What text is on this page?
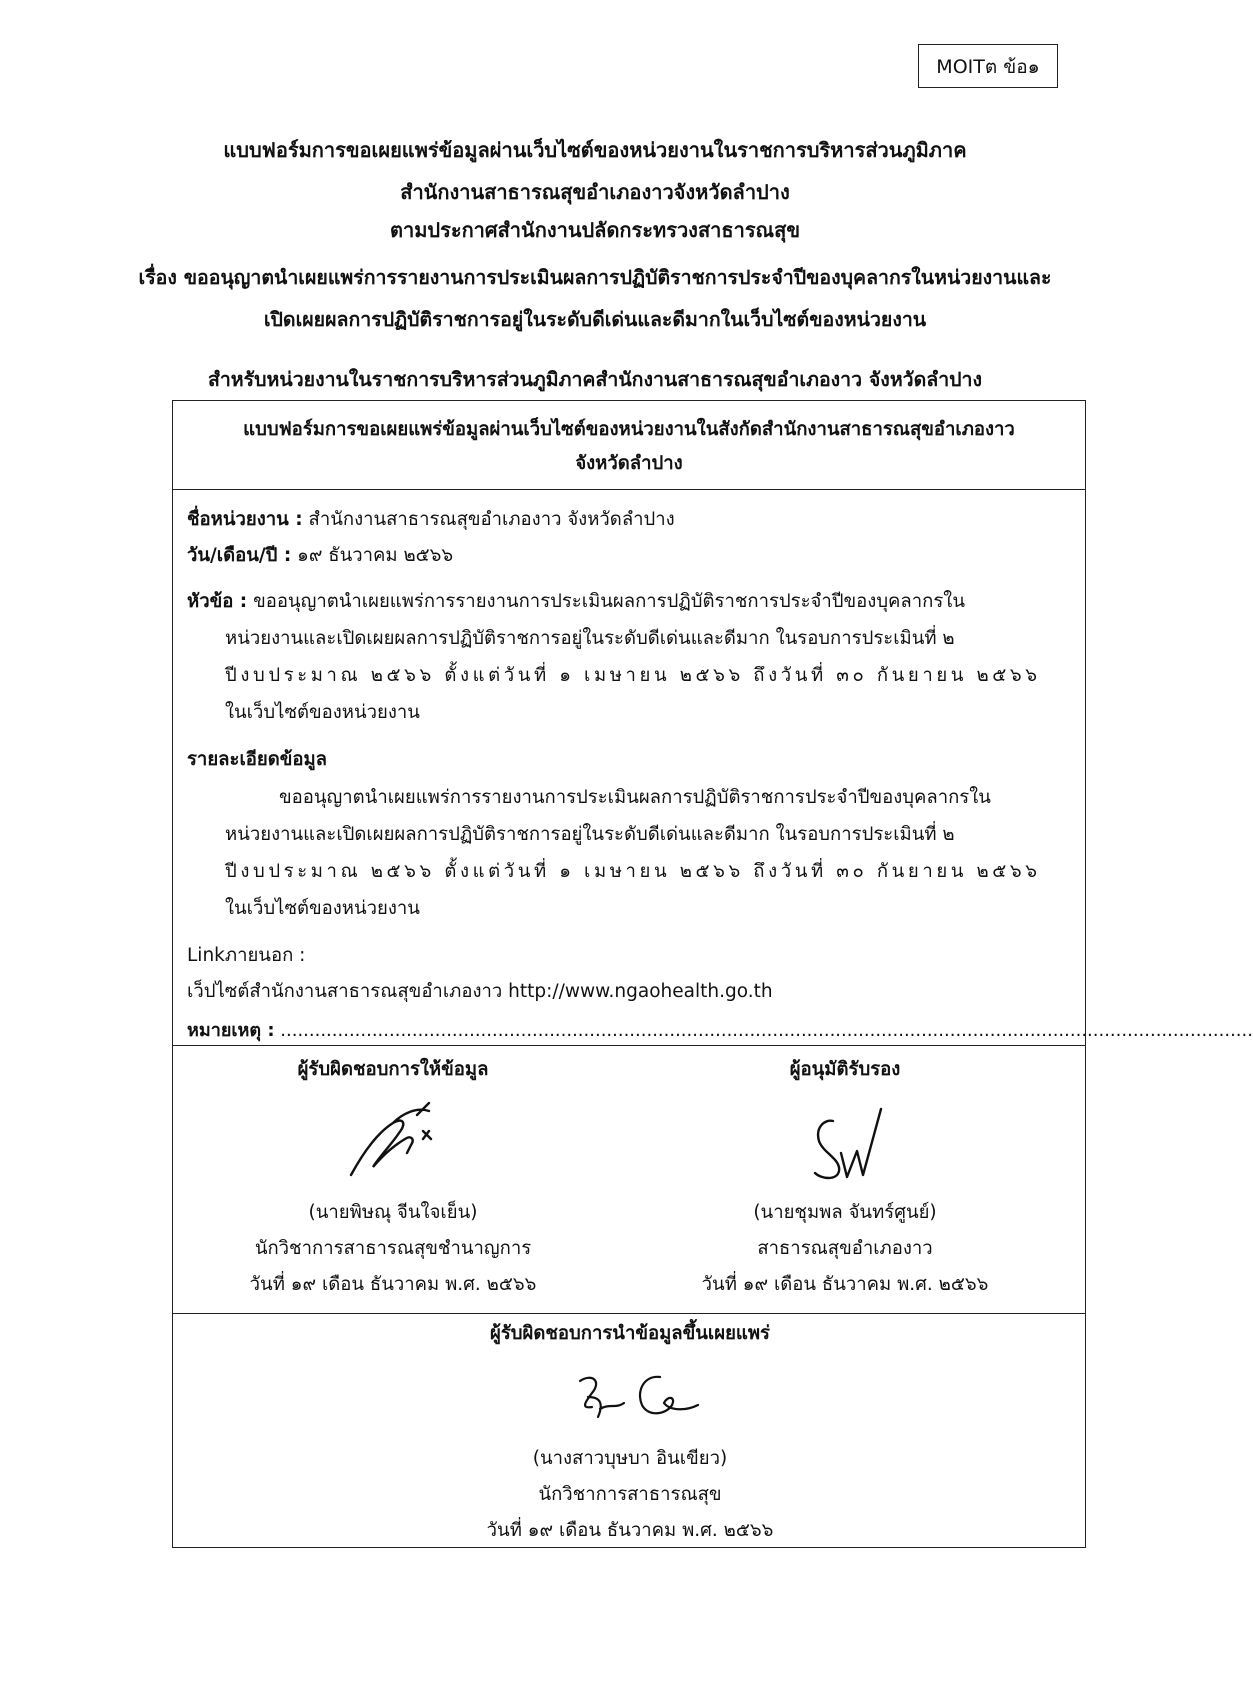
MOITต ข้อ๑
แบบฟอร์มการขอเผยแพร่ข้อมูลผ่านเว็บไซต์ของหน่วยงานในราชการบริหารส่วนภูมิภาค
สำนักงานสาธารณสุขอำเภองาวจังหวัดลำปาง
ตามประกาศสำนักงานปลัดกระทรวงสาธารณสุข
เรื่อง ขออนุญาตนำเผยแพร่การรายงานการประเมินผลการปฏิบัติราชการประจำปีของบุคลากรในหน่วยงานและ
เปิดเผยผลการปฏิบัติราชการอยู่ในระดับดีเด่นและดีมากในเว็บไซต์ของหน่วยงาน
สำหรับหน่วยงานในราชการบริหารส่วนภูมิภาคสำนักงานสาธารณสุขอำเภองาว จังหวัดลำปาง
แบบฟอร์มการขอเผยแพร่ข้อมูลผ่านเว็บไซต์ของหน่วยงานในสังกัดสำนักงานสาธารณสุขอำเภองาว
จังหวัดลำปาง
ชื่อหน่วยงาน : สำนักงานสาธารณสุขอำเภองาว จังหวัดลำปาง
วัน/เดือน/ปี : ๑๙ ธันวาคม ๒๕๖๖
หัวข้อ : ขออนุญาตนำเผยแพร่การรายงานการประเมินผลการปฏิบัติราชการประจำปีของบุคลากรใน
หน่วยงานและเปิดเผยผลการปฏิบัติราชการอยู่ในระดับดีเด่นและดีมาก ในรอบการประเมินที่ ๒
ปีงบประมาณ ๒๕๖๖ ตั้งแต่วันที่ ๑ เมษายน ๒๕๖๖ ถึงวันที่ ๓๐ กันยายน ๒๕๖๖
ในเว็บไซต์ของหน่วยงาน
รายละเอียดข้อมูล
ขออนุญาตนำเผยแพร่การรายงานการประเมินผลการปฏิบัติราชการประจำปีของบุคลากรใน
หน่วยงานและเปิดเผยผลการปฏิบัติราชการอยู่ในระดับดีเด่นและดีมาก ในรอบการประเมินที่ ๒
ปีงบประมาณ ๒๕๖๖ ตั้งแต่วันที่ ๑ เมษายน ๒๕๖๖ ถึงวันที่ ๓๐ กันยายน ๒๕๖๖
ในเว็บไซต์ของหน่วยงาน
Linkภายนอก :
เว็ปไซต์สำนักงานสาธารณสุขอำเภองาว http://www.ngaohealth.go.th
หมายเหตุ : ..........................................................................................................................................................................
ผู้รับผิดชอบการให้ข้อมูล
(นายพิษณุ จีนใจเย็น)
นักวิชาการสาธารณสุขชำนาญการ
วันที่ ๑๙ เดือน ธันวาคม พ.ศ. ๒๕๖๖
ผู้อนุมัติรับรอง
(นายชุมพล จันทร์ศูนย์)
สาธารณสุขอำเภองาว
วันที่ ๑๙ เดือน ธันวาคม พ.ศ. ๒๕๖๖
ผู้รับผิดชอบการนำข้อมูลขึ้นเผยแพร่
(นางสาวบุษบา อินเขียว)
นักวิชาการสาธารณสุข
วันที่ ๑๙ เดือน ธันวาคม พ.ศ. ๒๕๖๖
